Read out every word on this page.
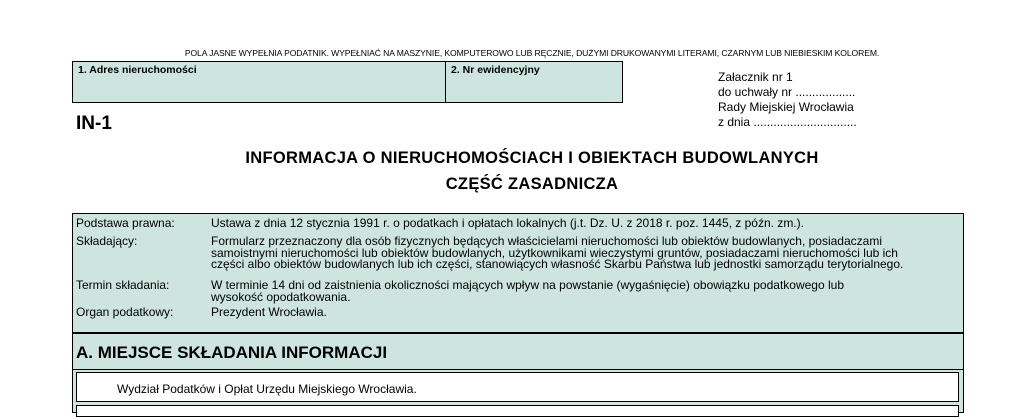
POLA JASNE WYPEŁNIA PODATNIK. WYPEŁNIAĆ NA MASZYNIE, KOMPUTEROWO LUB RĘCZNIE, DUŻYMI DRUKOWANYMI LITERAMI, CZARNYM LUB NIEBIESKIM KOLOREM.
1. Adres nieruchomości	2. Nr ewidencyjny	Załacznik nr 1
do uchwały nr ..................
Rady Miejskiej Wrocławia
z dnia ...............................
IN-1
INFORMACJA O NIERUCHOMOŚCIACH I OBIEKTACH BUDOWLANYCH
CZĘŚĆ ZASADNICZA
Podstawa prawna:	Ustawa z dnia 12 stycznia 1991 r. o podatkach i opłatach lokalnych (j.t. Dz. U. z 2018 r. poz. 1445, z późn. zm.).
Składający:	Formularz przeznaczony dla osób fizycznych będących właścicielami nieruchomości lub obiektów budowlanych, posiadaczami
samoistnymi nieruchomości lub obiektów budowlanych, użytkownikami wieczystymi gruntów, posiadaczami nieruchomości lub ich
części albo obiektów budowlanych lub ich części, stanowiących własność Skarbu Państwa lub jednostki samorządu terytorialnego.
Termin składania:	W terminie 14 dni od zaistnienia okoliczności mających wpływ na powstanie (wygaśnięcie) obowiązku podatkowego lub
wysokość opodatkowania.
Organ podatkowy:	Prezydent Wrocławia.
A. MIEJSCE SKŁADANIA INFORMACJI
Wydział Podatków i Opłat Urzędu Miejskiego Wrocławia.
